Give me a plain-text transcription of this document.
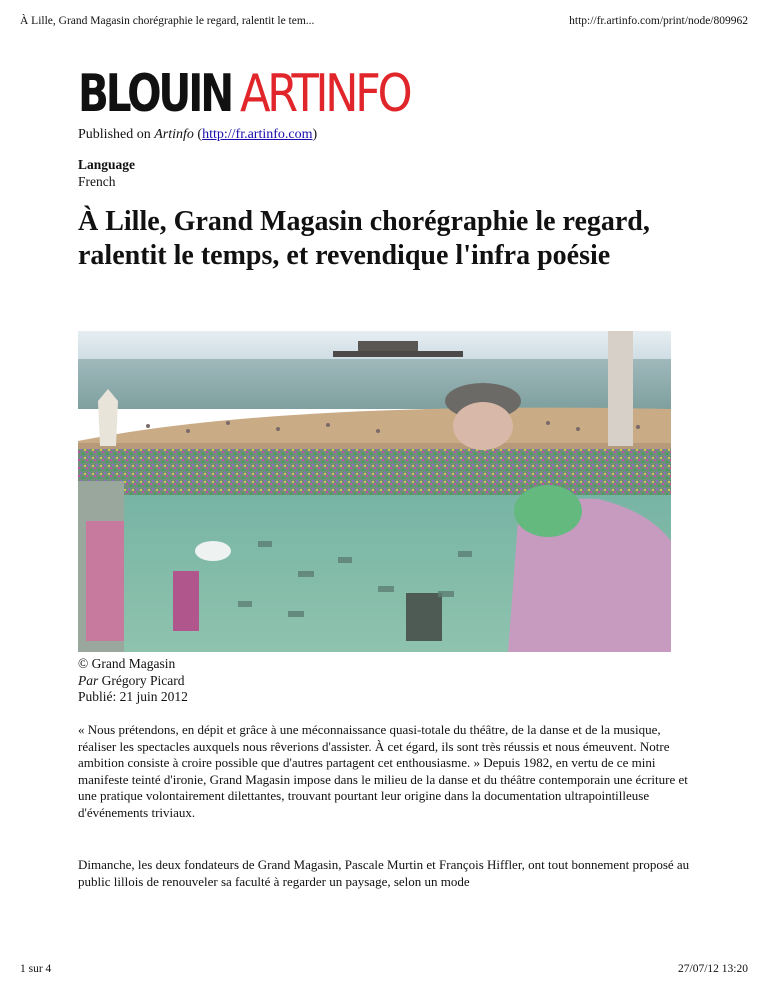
À Lille, Grand Magasin chorégraphie le regard, ralentit le tem...	http://fr.artinfo.com/print/node/809962
BLOUIN ARTINFO
Published on Artinfo (http://fr.artinfo.com)
Language
French
À Lille, Grand Magasin chorégraphie le regard, ralentit le temps, et revendique l'infra poésie
© Grand Magasin
Par Grégory Picard
Publié: 21 juin 2012

« Nous prétendons, en dépit et grâce à une méconnaissance quasi-totale du théâtre, de la danse et de la musique, réaliser les spectacles auxquels nous rêverions d'assister. À cet égard, ils sont très réussis et nous émeuvent. Notre ambition consiste à croire possible que d'autres partagent cet enthousiasme. » Depuis 1982, en vertu de ce mini manifeste teinté d'ironie, Grand Magasin impose dans le milieu de la danse et du théâtre contemporain une écriture et une pratique volontairement dilettantes, trouvant pourtant leur origine dans la documentation ultrapointilleuse d'événements triviaux.

Dimanche, les deux fondateurs de Grand Magasin, Pascale Murtin et François Hiffler, ont tout bonnement proposé au public lillois de renouveler sa faculté à regarder un paysage, selon un mode

1 sur 4	27/07/12 13:20
